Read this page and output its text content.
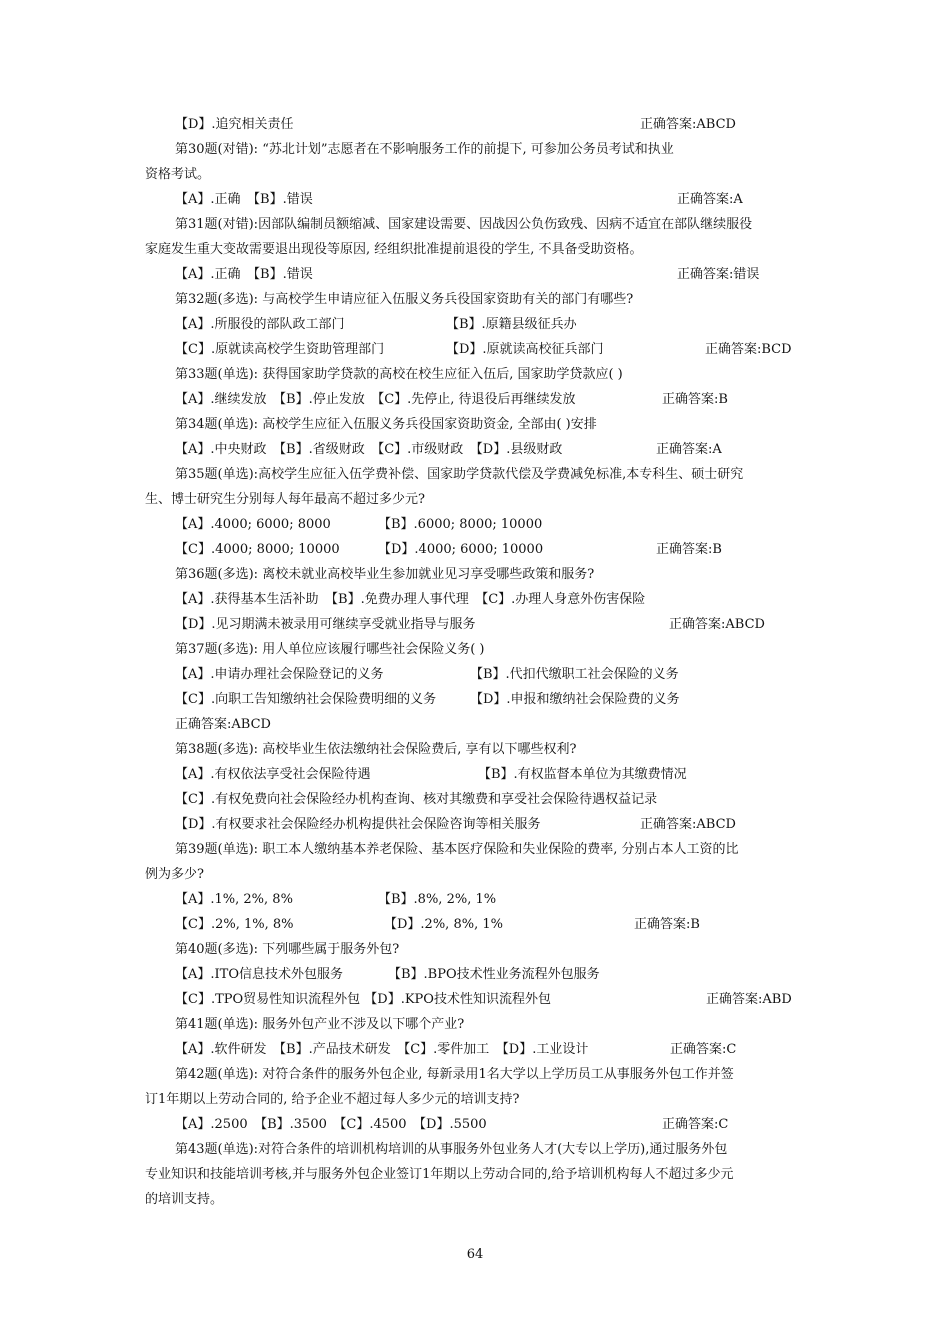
【D】.追究相关责任	正确答案:ABCD
第30题(对错): “苏北计划”志愿者在不影响服务工作的前提下, 可参加公务员考试和执业
资格考试。
【A】.正确　【B】.错误	正确答案:A
第31题(对错):因部队编制员额缩减、国家建设需要、因战因公负伤致残、因病不适宜在部队继续服役
家庭发生重大变故需要退出现役等原因, 经组织批准提前退役的学生, 不具备受助资格。
【A】.正确　【B】.错误	正确答案:错误
第32题(多选): 与高校学生申请应征入伍服义务兵役国家资助有关的部门有哪些?
【A】.所服役的部队政工部门	【B】.原籍县级征兵办
【C】.原就读高校学生资助管理部门	【D】.原就读高校征兵部门	正确答案:BCD
第33题(单选): 获得国家助学贷款的高校在校生应征入伍后, 国家助学贷款应( )
【A】.继续发放　【B】.停止发放　【C】.先停止, 待退役后再继续发放	正确答案:B
第34题(单选): 高校学生应征入伍服义务兵役国家资助资金, 全部由( )安排
【A】.中央财政　【B】.省级财政　【C】.市级财政　【D】.县级财政	正确答案:A
第35题(单选):高校学生应征入伍学费补偿、国家助学贷款代偿及学费减免标准,本专科生、硕士研究
生、博士研究生分别每人每年最高不超过多少元?
【A】.4000; 6000; 8000	【B】.6000; 8000; 10000
【C】.4000; 8000; 10000	【D】.4000; 6000; 10000	正确答案:B
第36题(多选): 离校未就业高校毕业生参加就业见习享受哪些政策和服务?
【A】.获得基本生活补助　【B】.免费办理人事代理　【C】.办理人身意外伤害保险
【D】.见习期满未被录用可继续享受就业指导与服务	正确答案:ABCD
第37题(多选): 用人单位应该履行哪些社会保险义务( )
【A】.申请办理社会保险登记的义务	【B】.代扣代缴职工社会保险的义务
【C】.向职工告知缴纳社会保险费明细的义务	【D】.申报和缴纳社会保险费的义务
正确答案:ABCD
第38题(多选): 高校毕业生依法缴纳社会保险费后, 享有以下哪些权利?
【A】.有权依法享受社会保险待遇	【B】.有权监督本单位为其缴费情况
【C】.有权免费向社会保险经办机构查询、核对其缴费和享受社会保险待遇权益记录
【D】.有权要求社会保险经办机构提供社会保险咨询等相关服务	正确答案:ABCD
第39题(单选): 职工本人缴纳基本养老保险、基本医疗保险和失业保险的费率, 分别占本人工资的比
例为多少?
【A】.1%, 2%, 8%	【B】.8%, 2%, 1%
【C】.2%, 1%, 8%	【D】.2%, 8%, 1%	正确答案:B
第40题(多选): 下列哪些属于服务外包?
【A】.ITO信息技术外包服务	【B】.BPO技术性业务流程外包服务
【C】.TPO贸易性知识流程外包 【D】.KPO技术性知识流程外包	正确答案:ABD
第41题(单选): 服务外包产业不涉及以下哪个产业?
【A】.软件研发　【B】.产品技术研发　【C】.零件加工　【D】.工业设计	正确答案:C
第42题(单选): 对符合条件的服务外包企业, 每新录用1名大学以上学历员工从事服务外包工作并签
订1年期以上劳动合同的, 给予企业不超过每人多少元的培训支持?
【A】.2500　【B】.3500　【C】.4500　【D】.5500	正确答案:C
第43题(单选):对符合条件的培训机构培训的从事服务外包业务人才(大专以上学历),通过服务外包
专业知识和技能培训考核,并与服务外包企业签订1年期以上劳动合同的,给予培训机构每人不超过多少元
的培训支持。
64
